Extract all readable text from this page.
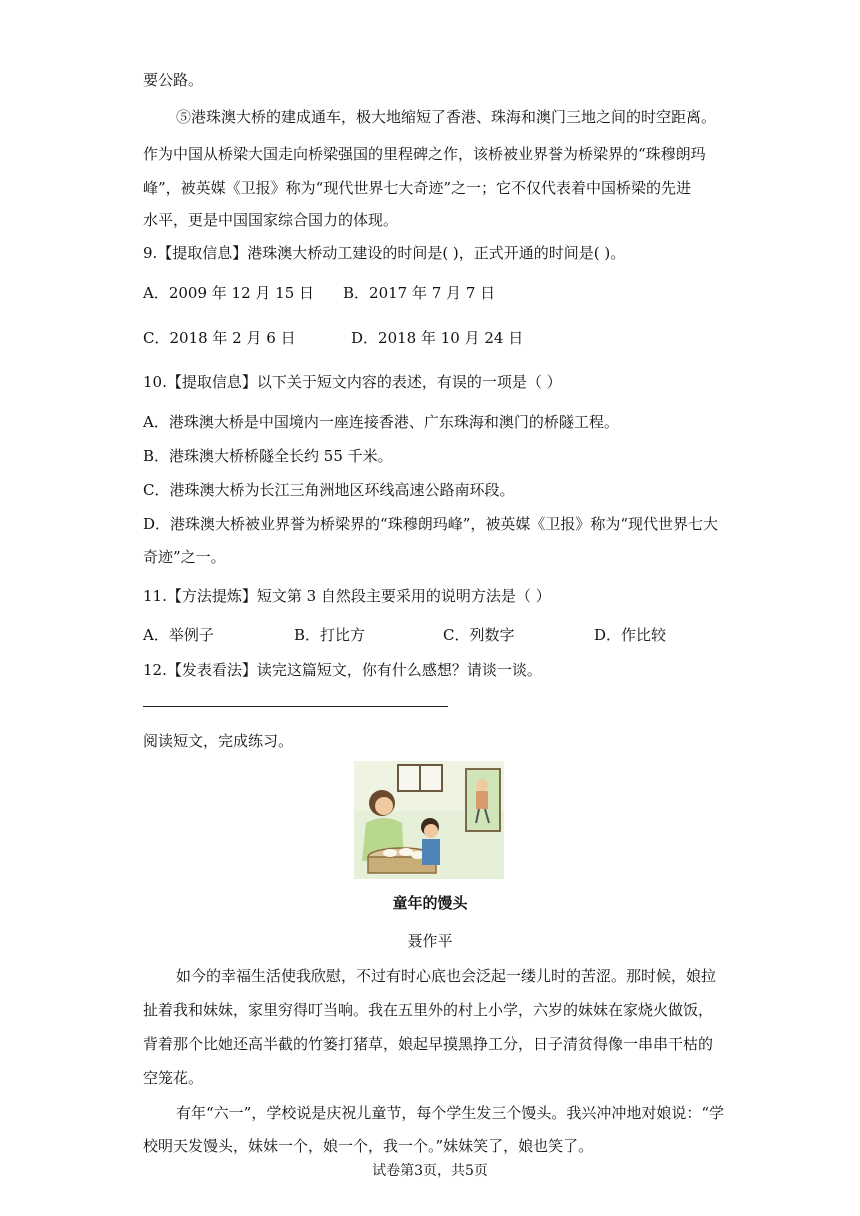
要公路。
⑤港珠澳大桥的建成通车，极大地缩短了香港、珠海和澳门三地之间的时空距离。
作为中国从桥梁大国走向桥梁强国的里程碑之作，该桥被业界誉为桥梁界的“珠穆朗玛
峰”，被英媒《卫报》称为“现代世界七大奇迹”之一；它不仅代表着中国桥梁的先进
水平，更是中国国家综合国力的体现。
9.【提取信息】港珠澳大桥动工建设的时间是( )，正式开通的时间是( )。
A．2009 年 12 月 15 日 B．2017 年 7 月 7 日
C．2018 年 2 月 6 日	D．2018 年 10 月 24 日
10.【提取信息】以下关于短文内容的表述，有误的一项是（ ）
A．港珠澳大桥是中国境内一座连接香港、广东珠海和澳门的桥隧工程。
B．港珠澳大桥桥隧全长约 55 千米。
C．港珠澳大桥为长江三角洲地区环线高速公路南环段。
D．港珠澳大桥被业界誉为桥梁界的“珠穆朗玛峰”，被英媒《卫报》称为“现代世界七大
奇迹”之一。
11.【方法提炼】短文第 3 自然段主要采用的说明方法是（ ）
A．举例子	B．打比方	C．列数字	D．作比较
12.【发表看法】读完这篇短文，你有什么感想？请谈一谈。
阅读短文，完成练习。
童年的馒头
聂作平
如今的幸福生活使我欣慰，不过有时心底也会泛起一缕儿时的苦涩。那时候，娘拉
扯着我和妹妹，家里穷得叮当响。我在五里外的村上小学，六岁的妹妹在家烧火做饭，
背着那个比她还高半截的竹篓打猪草，娘起早摸黑挣工分，日子清贫得像一串串干枯的
空笼花。
有年“六一”，学校说是庆祝儿童节，每个学生发三个馒头。我兴冲冲地对娘说：“学
校明天发馒头，妹妹一个，娘一个，我一个。”妹妹笑了，娘也笑了。
试卷第3页，共5页
